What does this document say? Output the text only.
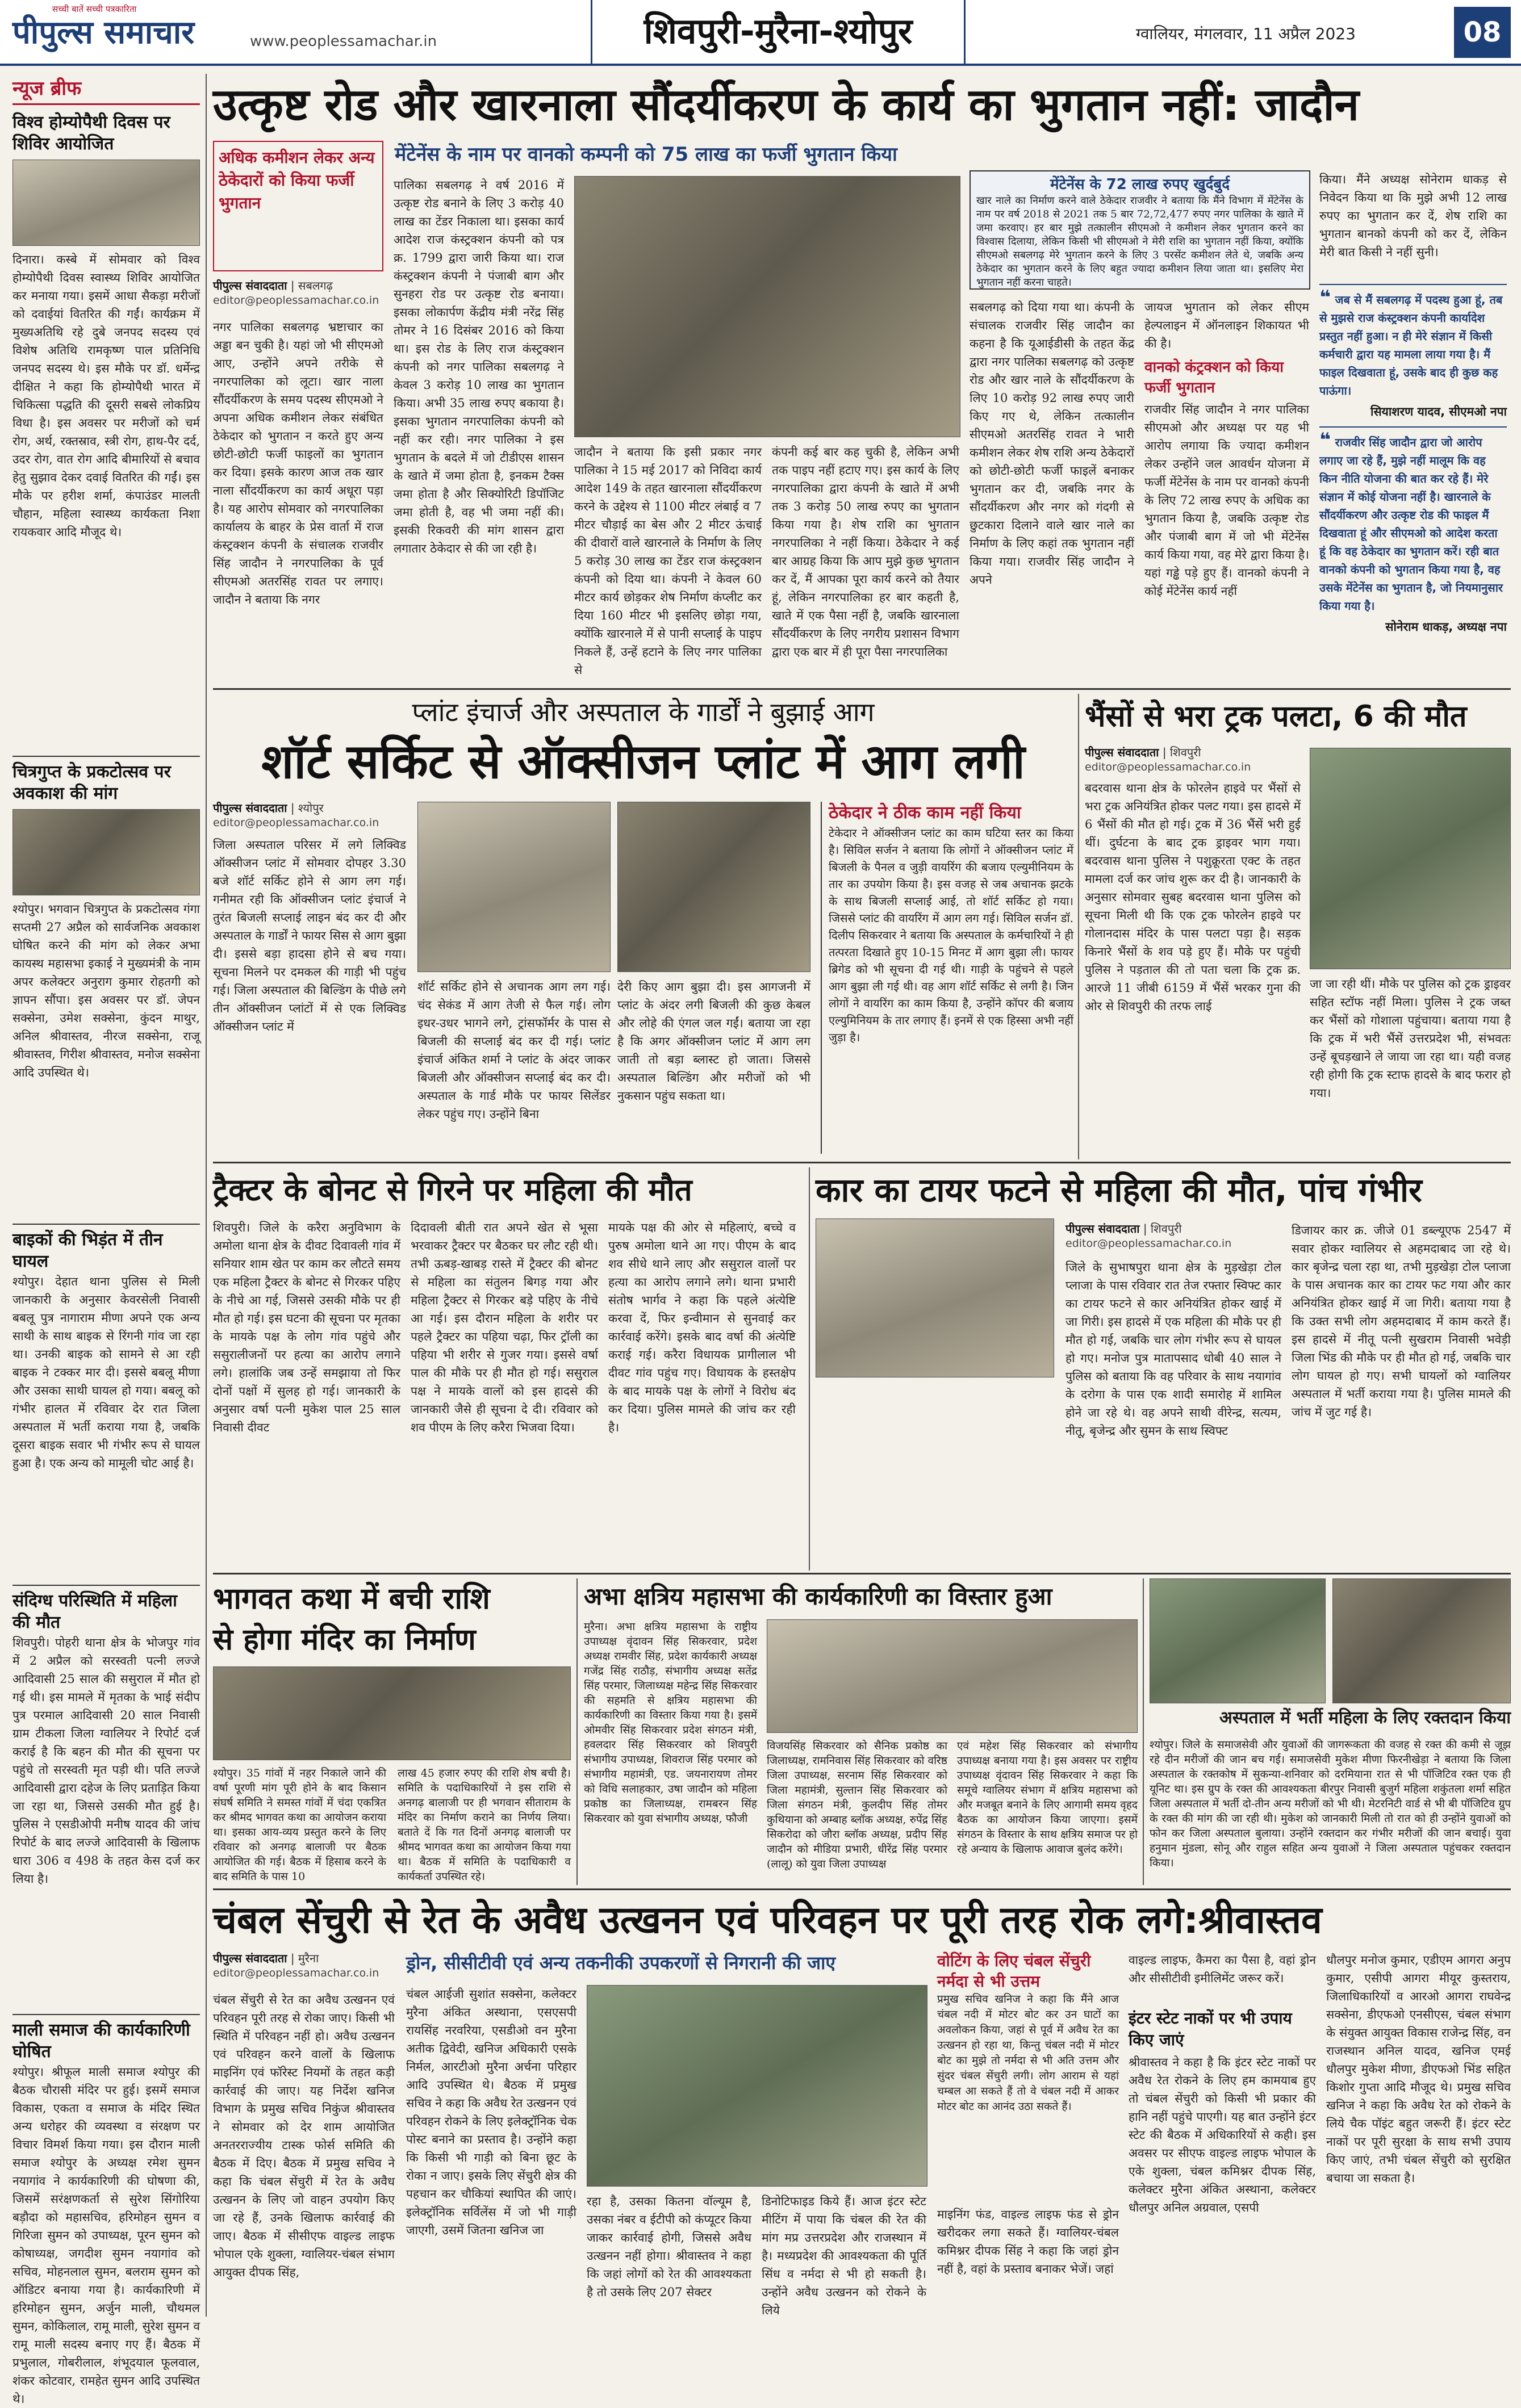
सच्ची बातें सच्ची पत्रकारिता
पीपुल्स समाचार	www.peoplessamachar.in	शिवपुरी-मुरैना-श्योपुर	ग्वालियर, मंगलवार, 11 अप्रैल 2023	08
न्यूज ब्रीफ
विश्व होम्योपैथी दिवस पर शिविर आयोजित
दिनारा। कस्बे में सोमवार को विश्व होम्योपैथी दिवस स्वास्थ्य शिविर आयोजित कर मनाया गया। इसमें आधा सैकड़ा मरीजों को दवाईयां वितरित की गईं। कार्यक्रम में मुख्यअतिथि रहे दुबे जनपद सदस्य एवं विशेष अतिथि रामकृष्ण पाल प्रतिनिधि जनपद सदस्य थे। इस मौके पर डॉ. धर्मेन्द्र दीक्षित ने कहा कि होम्योपैथी भारत में चिकित्सा पद्धति की दूसरी सबसे लोकप्रिय विधा है। इस अवसर पर मरीजों को चर्म रोग, अर्थ, रक्तस्राव, स्त्री रोग, हाथ-पैर दर्द, उदर रोग, वात रोग आदि बीमारियों से बचाव हेतु सुझाव देकर दवाई वितरित की गईं। इस मौके पर हरीश शर्मा, कंपाउंडर मालती चौहान, महिला स्वास्थ्य कार्यकता निशा रायकवार आदि मौजूद थे।
चित्रगुप्त के प्रकटोत्सव पर अवकाश की मांग
श्योपुर। भगवान चित्रगुप्त के प्रकटोत्सव गंगा सप्तमी 27 अप्रैल को सार्वजनिक अवकाश घोषित करने की मांग को लेकर अभा कायस्थ महासभा इकाई ने मुख्यमंत्री के नाम अपर कलेक्टर अनुराग कुमार रोहतगी को ज्ञापन सौंपा। इस अवसर पर डॉ. जेपन सक्सेना, उमेश सक्सेना, कुंदन माथुर, अनिल श्रीवास्तव, नीरज सक्सेना, राजू श्रीवास्तव, गिरीश श्रीवास्तव, मनोज सक्सेना आदि उपस्थित थे।
बाइकों की भिड़ंत में तीन घायल
श्योपुर। देहात थाना पुलिस से मिली जानकारी के अनुसार केवरसेली निवासी बबलू पुत्र नागाराम मीणा अपने एक अन्य साथी के साथ बाइक से रिंगनी गांव जा रहा था। उनकी बाइक को सामने से आ रही बाइक ने टक्कर मार दी। इससे बबलू मीणा और उसका साथी घायल हो गया। बबलू को गंभीर हालत में रविवार देर रात जिला अस्पताल में भर्ती कराया गया है, जबकि दूसरा बाइक सवार भी गंभीर रूप से घायल हुआ है। एक अन्य को मामूली चोट आई है।
संदिग्ध परिस्थिति में महिला की मौत
शिवपुरी। पोहरी थाना क्षेत्र के भोजपुर गांव में 2 अप्रैल को सरस्वती पत्नी लज्जे आदिवासी 25 साल की ससुराल में मौत हो गई थी। इस मामले में मृतका के भाई संदीप पुत्र परमाल आदिवासी 20 साल निवासी ग्राम टीकला जिला ग्वालियर ने रिपोर्ट दर्ज कराई है कि बहन की मौत की सूचना पर पहुंचे तो सरस्वती मृत पड़ी थी। पति लज्जे आदिवासी द्वारा दहेज के लिए प्रताड़ित किया जा रहा था, जिससे उसकी मौत हुई है। पुलिस ने एसडीओपी मनीष यादव की जांच रिपोर्ट के बाद लज्जे आदिवासी के खिलाफ धारा 306 व 498 के तहत केस दर्ज कर लिया है।
माली समाज की कार्यकारिणी घोषित
श्योपुर। श्रीफूल माली समाज श्योपुर की बैठक चौरासी मंदिर पर हुई। इसमें समाज विकास, एकता व समाज के मंदिर स्थित अन्य धरोहर की व्यवस्था व संरक्षण पर विचार विमर्श किया गया। इस दौरान माली समाज श्योपुर के अध्यक्ष रमेश सुमन नयागांव ने कार्यकारिणी की घोषणा की, जिसमें सरंक्षणकर्ता से सुरेश सिंगोरिया बड़ौदा को महासचिव, हरिमोहन सुमन व गिरिजा सुमन को उपाध्यक्ष, पूरन सुमन को कोषाध्यक्ष, जगदीश सुमन नयागांव को सचिव, मोहनलाल सुमन, बलराम सुमन को ऑडिटर बनाया गया है। कार्यकारिणी में हरिमोहन सुमन, अर्जुन माली, चौथमल सुमन, कोकिलाल, रामू माली, सुरेश सुमन व रामू माली सदस्य बनाए गए हैं। बैठक में प्रभुलाल, गोबरीलाल, शंभूदयाल फूलवाल, शंकर कोटवार, रामहेत सुमन आदि उपस्थित थे।
उत्कृष्ट रोड और खारनाला सौंदर्यीकरण के कार्य का भुगतान नहीं: जादौन
अधिक कमीशन लेकर अन्य ठेकेदारों को किया फर्जी भुगतान
मेंटेनेंस के नाम पर वानको कम्पनी को 75 लाख का फर्जी भुगतान किया
पीपुल्स संवाददाता | सबलगढ़
editor@peoplessamachar.co.in
नगर पालिका सबलगढ़ भ्रष्टाचार का अड्डा बन चुकी है। यहां जो भी सीएमओ आए, उन्होंने अपने तरीके से नगरपालिका को लूटा। खार नाला सौंदर्यीकरण के समय पदस्थ सीएमओ ने अपना अधिक कमीशन लेकर संबंधित ठेकेदार को भुगतान न करते हुए अन्य छोटी-छोटी फर्जी फाइलों का भुगतान कर दिया। इसके कारण आज तक खार नाला सौंदर्यीकरण का कार्य अधूरा पड़ा है। यह आरोप सोमवार को नगरपालिका कार्यालय के बाहर के प्रेस वार्ता में राज कंस्ट्रक्शन कंपनी के संचालक राजवीर सिंह जादौन ने नगरपालिका के पूर्व सीएमओ अतरसिंह रावत पर लगाए। जादौन ने बताया कि नगर
पालिका सबलगढ़ ने वर्ष 2016 में उत्कृष्ट रोड बनाने के लिए 3 करोड़ 40 लाख का टेंडर निकाला था। इसका कार्य आदेश राज कंस्ट्रक्शन कंपनी को पत्र क्र. 1799 द्वारा जारी किया था। राज कंस्ट्रक्शन कंपनी ने पंजाबी बाग और सुनहरा रोड पर उत्कृष्ट रोड बनाया। इसका लोकार्पण केंद्रीय मंत्री नरेंद्र सिंह तोमर ने 16 दिसंबर 2016 को किया था। इस रोड के लिए राज कंस्ट्रक्शन कंपनी को नगर पालिका सबलगढ़ ने केवल 3 करोड़ 10 लाख का भुगतान किया। अभी 35 लाख रुपए बकाया है। इसका भुगतान नगरपालिका कंपनी को नहीं कर रही। नगर पालिका ने इस भुगतान के बदले में जो टीडीएस शासन के खाते में जमा होता है, इनकम टैक्स जमा होता है और सिक्योरिटी डिपॉजिट जमा होती है, वह भी जमा नहीं की। इसकी रिकवरी की मांग शासन द्वारा लगातार ठेकेदार से की जा रही है।
जादौन ने बताया कि इसी प्रकार नगर पालिका ने 15 मई 2017 को निविदा कार्य आदेश 149 के तहत खारनाला सौंदर्यीकरण करने के उद्देश्य से 1100 मीटर लंबाई व 7 मीटर चौड़ाई का बेस और 2 मीटर ऊंचाई की दीवारों वाले खारनाले के निर्माण के लिए 5 करोड़ 30 लाख का टेंडर राज कंस्ट्रक्शन कंपनी को दिया था। कंपनी ने केवल 60 मीटर कार्य छोड़कर शेष निर्माण कंप्लीट कर दिया 160 मीटर भी इसलिए छोड़ा गया, क्योंकि खारनाले में से पानी सप्लाई के पाइप निकले हैं, उन्हें हटाने के लिए नगर पालिका से
कंपनी कई बार कह चुकी है, लेकिन अभी तक पाइप नहीं हटाए गए। इस कार्य के लिए नगरपालिका द्वारा कंपनी के खाते में अभी तक 3 करोड़ 50 लाख रुपए का भुगतान किया गया है। शेष राशि का भुगतान नगरपालिका ने नहीं किया। ठेकेदार ने कई बार आग्रह किया कि आप मुझे कुछ भुगतान कर दें, मैं आपका पूरा कार्य करने को तैयार हूं, लेकिन नगरपालिका हर बार कहती है, खाते में एक पैसा नहीं है, जबकि खारनाला सौंदर्यीकरण के लिए नगरीय प्रशासन विभाग द्वारा एक बार में ही पूरा पैसा नगरपालिका
मेंटेनेंस के 72 लाख रुपए खुर्दबुर्द
खार नाले का निर्माण करने वाले ठेकेदार राजवीर ने बताया कि मैंने विभाग में मेंटेनेंस के नाम पर वर्ष 2018 से 2021 तक 5 बार 72,72,477 रुपए नगर पालिका के खाते में जमा करवाए। हर बार मुझे तत्कालीन सीएमओ ने कमीशन लेकर भुगतान करने का विश्वास दिलाया, लेकिन किसी भी सीएमओ ने मेरी राशि का भुगतान नहीं किया, क्योंकि सीएमओ सबलगढ़ मेरे भुगतान करने के लिए 3 परसेंट कमीशन लेते थे, जबकि अन्य ठेकेदार का भुगतान करने के लिए बहुत ज्यादा कमीशन लिया जाता था। इसलिए मेरा भुगतान नहीं करना चाहते।
सबलगढ़ को दिया गया था। कंपनी के संचालक राजवीर सिंह जादौन का कहना है कि यूआईडीसी के तहत केंद्र द्वारा नगर पालिका सबलगढ़ को उत्कृष्ट रोड और खार नाले के सौंदर्यीकरण के लिए 10 करोड़ 92 लाख रुपए जारी किए गए थे, लेकिन तत्कालीन सीएमओ अतरसिंह रावत ने भारी कमीशन लेकर शेष राशि अन्य ठेकेदारों को छोटी-छोटी फर्जी फाइलें बनाकर भुगतान कर दी, जबकि नगर के सौंदर्यीकरण और नगर को गंदगी से छुटकारा दिलाने वाले खार नाले का निर्माण के लिए कहां तक भुगतान नहीं किया गया। राजवीर सिंह जादौन ने अपने
जायज भुगतान को लेकर सीएम हेल्पलाइन में ऑनलाइन शिकायत भी की है।
वानको कंट्रक्शन को किया फर्जी भुगतान
राजवीर सिंह जादौन ने नगर पालिका सीएमओ और अध्यक्ष पर यह भी आरोप लगाया कि ज्यादा कमीशन लेकर उन्होंने जल आवर्धन योजना में फर्जी मेंटेनेंस के नाम पर वानको कंपनी के लिए 72 लाख रुपए के अधिक का भुगतान किया है, जबकि उत्कृष्ट रोड और पंजाबी बाग में जो भी मेंटेनेंस कार्य किया गया, वह मेरे द्वारा किया है। यहां गड्ढे पड़े हुए हैं। वानको कंपनी ने कोई मेंटेनेंस कार्य नहीं
किया। मैंने अध्यक्ष सोनेराम धाकड़ से निवेदन किया था कि मुझे अभी 12 लाख रुपए का भुगतान कर दें, शेष राशि का भुगतान बानको कंपनी को कर दें, लेकिन मेरी बात किसी ने नहीं सुनी।
❝ जब से मैं सबलगढ़ में पदस्थ हुआ हूं, तब से मुझसे राज कंस्ट्रक्शन कंपनी कार्यादेश प्रस्तुत नहीं हुआ। न ही मेरे संज्ञान में किसी कर्मचारी द्वारा यह मामला लाया गया है। मैं फाइल दिखवाता हूं, उसके बाद ही कुछ कह पाऊंगा।
सियाशरण यादव, सीएमओ नपा
❝ राजवीर सिंह जादौन द्वारा जो आरोप लगाए जा रहे हैं, मुझे नहीं मालूम कि वह किन नीति योजना की बात कर रहे हैं। मेरे संज्ञान में कोई योजना नहीं है। खारनाले के सौंदर्यीकरण और उत्कृष्ट रोड की फाइल मैं दिखवाता हूं और सीएमओ को आदेश करता हूं कि वह ठेकेदार का भुगतान करें। रही बात वानको कंपनी को भुगतान किया गया है, वह उसके मेंटेनेंस का भुगतान है, जो नियमानुसार किया गया है।
सोनेराम धाकड़, अध्यक्ष नपा
प्लांट इंचार्ज और अस्पताल के गार्डों ने बुझाई आग
शॉर्ट सर्किट से ऑक्सीजन प्लांट में आग लगी
पीपुल्स संवाददाता | श्योपुर
editor@peoplessamachar.co.in
जिला अस्पताल परिसर में लगे लिक्विड ऑक्सीजन प्लांट में सोमवार दोपहर 3.30 बजे शॉर्ट सर्किट होने से आग लग गई। गनीमत रही कि ऑक्सीजन प्लांट इंचार्ज ने तुरंत बिजली सप्लाई लाइन बंद कर दी और अस्पताल के गार्डों ने फायर सिस से आग बुझा दी। इससे बड़ा हादसा होने से बच गया। सूचना मिलने पर दमकल की गाड़ी भी पहुंच गई। जिला अस्पताल की बिल्डिंग के पीछे लगे तीन ऑक्सीजन प्लांटों में से एक लिक्विड ऑक्सीजन प्लांट में
शॉर्ट सर्किट होने से अचानक आग लग गई। चंद सेकंड में आग तेजी से फैल गई। लोग इधर-उधर भागने लगे, ट्रांसफॉर्मर के पास से बिजली की सप्लाई बंद कर दी गई। प्लांट इंचार्ज अंकित शर्मा ने प्लांट के अंदर जाकर बिजली और ऑक्सीजन सप्लाई बंद कर दी। अस्पताल के गार्ड मौके पर फायर सिलेंडर लेकर पहुंच गए। उन्होंने बिना
देरी किए आग बुझा दी। इस आगजनी में प्लांट के अंदर लगी बिजली की कुछ केबल और लोहे की एंगल जल गईं। बताया जा रहा है कि अगर ऑक्सीजन प्लांट में आग लग जाती तो बड़ा ब्लास्ट हो जाता। जिससे अस्पताल बिल्डिंग और मरीजों को भी नुकसान पहुंच सकता था।
ठेकेदार ने ठीक काम नहीं किया
टेकेदार ने ऑक्सीजन प्लांट का काम घटिया स्तर का किया है। सिविल सर्जन ने बताया कि लोगों ने ऑक्सीजन प्लांट में बिजली के पैनल व जुड़ी वायरिंग की बजाय एल्युमीनियम के तार का उपयोग किया है। इस वजह से जब अचानक झटके के साथ बिजली सप्लाई आई, तो शॉर्ट सर्किट हो गया। जिससे प्लांट की वायरिंग में आग लग गई। सिविल सर्जन डॉ. दिलीप सिकरवार ने बताया कि अस्पताल के कर्मचारियों ने ही तत्परता दिखाते हुए 10-15 मिनट में आग बुझा ली। फायर ब्रिगेड को भी सूचना दी गई थी। गाड़ी के पहुंचने से पहले आग बुझा ली गई थी। वह आग शॉर्ट सर्किट से लगी है। जिन लोगों ने वायरिंग का काम किया है, उन्होंने कॉपर की बजाय एल्युमिनियम के तार लगाए हैं। इनमें से एक हिस्सा अभी नहीं जुड़ा है।
भैंसों से भरा ट्रक पलटा, 6 की मौत
पीपुल्स संवाददाता | शिवपुरी
editor@peoplessamachar.co.in
बदरवास थाना क्षेत्र के फोरलेन हाइवे पर भैंसों से भरा ट्रक अनियंत्रित होकर पलट गया। इस हादसे में 6 भैंसों की मौत हो गई। ट्रक में 36 भैंसें भरी हुई थीं। दुर्घटना के बाद ट्रक ड्राइवर भाग गया। बदरवास थाना पुलिस ने पशुक्रूरता एक्ट के तहत मामला दर्ज कर जांच शुरू कर दी है। जानकारी के अनुसार सोमवार सुबह बदरवास थाना पुलिस को सूचना मिली थी कि एक ट्रक फोरलेन हाइवे पर गोलानदास मंदिर के पास पलटा पड़ा है। सड़क किनारे भैंसों के शव पड़े हुए हैं। मौके पर पहुंची पुलिस ने पड़ताल की तो पता चला कि ट्रक क्र. आरजे 11 जीबी 6159 में भैंसें भरकर गुना की ओर से शिवपुरी की तरफ लाई
जा जा रही थीं। मौके पर पुलिस को ट्रक ड्राइवर सहित स्टॉफ नहीं मिला। पुलिस ने ट्रक जब्त कर भैंसों को गोशाला पहुंचाया। बताया गया है कि ट्रक में भरी भैंसें उत्तरप्रदेश भी, संभवतः उन्हें बूचड़खाने ले जाया जा रहा था। यही वजह रही होगी कि ट्रक स्टाफ हादसे के बाद फरार हो गया।
ट्रैक्टर के बोनट से गिरने पर महिला की मौत
शिवपुरी। जिले के करैरा अनुविभाग के अमोला थाना क्षेत्र के दीवट दिवावली गांव में सनियार शाम खेत पर काम कर लौटते समय एक महिला ट्रैक्टर के बोनट से गिरकर पहिए के नीचे आ गई, जिससे उसकी मौके पर ही मौत हो गई। इस घटना की सूचना पर मृतका के मायके पक्ष के लोग गांव पहुंचे और ससुरालीजनों पर हत्या का आरोप लगाने लगे। हालांकि जब उन्हें समझाया तो फिर दोनों पक्षों में सुलह हो गई। जानकारी के अनुसार वर्षा पत्नी मुकेश पाल 25 साल निवासी दीवट
दिदावली बीती रात अपने खेत से भूसा भरवाकर ट्रैक्टर पर बैठकर घर लौट रही थी। तभी ऊबड़-खाबड़ रास्ते में ट्रैक्टर की बोनट से महिला का संतुलन बिगड़ गया और महिला ट्रैक्टर से गिरकर बड़े पहिए के नीचे आ गई। इस दौरान महिला के शरीर पर पहले ट्रैक्टर का पहिया चढ़ा, फिर ट्रॉली का पहिया भी शरीर से गुजर गया। इससे वर्षा पाल की मौके पर ही मौत हो गई। ससुराल पक्ष ने मायके वालों को इस हादसे की जानकारी जैसे ही सूचना दे दी। रविवार को शव पीएम के लिए करैरा भिजवा दिया।
मायके पक्ष की ओर से महिलाएं, बच्चे व पुरुष अमोला थाने आ गए। पीएम के बाद शव सीधे थाने लाए और ससुराल वालों पर हत्या का आरोप लगाने लगे। थाना प्रभारी संतोष भार्गव ने कहा कि पहले अंत्येष्टि करवा दें, फिर इन्वीमान से सुनवाई कर कार्रवाई करेंगे। इसके बाद वर्षा की अंत्येष्टि कराई गई। करैरा विधायक प्रागीलाल भी दीवट गांव पहुंच गए। विधायक के हस्तक्षेप के बाद मायके पक्ष के लोगों ने विरोध बंद कर दिया। पुलिस मामले की जांच कर रही है।
कार का टायर फटने से महिला की मौत, पांच गंभीर
पीपुल्स संवाददाता | शिवपुरी
editor@peoplessamachar.co.in
जिले के सुभाषपुरा थाना क्षेत्र के मुड़खेड़ा टोल प्लाजा के पास रविवार रात तेज रफ्तार स्विफ्ट कार का टायर फटने से कार अनियंत्रित होकर खाई में जा गिरी। इस हादसे में एक महिला की मौके पर ही मौत हो गई, जबकि चार लोग गंभीर रूप से घायल हो गए। मनोज पुत्र मातापसाद धोबी 40 साल ने पुलिस को बताया कि वह परिवार के साथ नयागांव के दरोगा के पास एक शादी समारोह में शामिल होने जा रहे थे। वह अपने साथी वीरेन्द्र, सत्यम, नीतू, बृजेन्द्र और सुमन के साथ स्विफ्ट
डिजायर कार क्र. जीजे 01 डब्ल्यूएफ 2547 में सवार होकर ग्वालियर से अहमदाबाद जा रहे थे। कार बृजेन्द्र चला रहा था, तभी मुड़खेड़ा टोल प्लाजा के पास अचानक कार का टायर फट गया और कार अनियंत्रित होकर खाई में जा गिरी। बताया गया है कि उक्त सभी लोग अहमदाबाद में काम करते हैं। इस हादसे में नीतू पत्नी सुखराम निवासी भवेड़ी जिला भिंड की मौके पर ही मौत हो गई, जबकि चार लोग घायल हो गए। सभी घायलों को ग्वालियर अस्पताल में भर्ती कराया गया है। पुलिस मामले की जांच में जुट गई है।
भागवत कथा में बची राशि
से होगा मंदिर का निर्माण
श्योपुर। 35 गांवों में नहर निकाले जाने की वर्षा पूरणी मांग पूरी होने के बाद किसान संघर्ष समिति ने समस्त गांवों में चंदा एकत्रित कर श्रीमद भागवत कथा का आयोजन कराया था। इसका आय-व्यय प्रस्तुत करने के लिए रविवार को अनगढ़ बालाजी पर बैठक आयोजित की गई। बैठक में हिसाब करने के बाद समिति के पास 10
लाख 45 हजार रुपए की राशि शेष बची है। समिति के पदाधिकारियों ने इस राशि से अनगढ़ बालाजी पर ही भगवान सीताराम के मंदिर का निर्माण कराने का निर्णय लिया। बताते दें कि गत दिनों अनगढ़ बालाजी पर श्रीमद भागवत कथा का आयोजन किया गया था। बैठक में समिति के पदाधिकारी व कार्यकर्ता उपस्थित रहे।
अभा क्षत्रिय महासभा की कार्यकारिणी का विस्तार हुआ
मुरैना। अभा क्षत्रिय महासभा के राष्ट्रीय उपाध्यक्ष वृंदावन सिंह सिकरवार, प्रदेश अध्यक्ष रामवीर सिंह, प्रदेश कार्यकारी अध्यक्ष गजेंद्र सिंह राठौड़, संभागीय अध्यक्ष सतेंद्र सिंह परमार, जिलाध्यक्ष महेन्द्र सिंह सिकरवार की सहमति से क्षत्रिय महासभा की कार्यकारिणी का विस्तार किया गया है। इसमें ओमवीर सिंह सिकरवार प्रदेश संगठन मंत्री, हवलदार सिंह सिकरवार को शिवपुरी संभागीय उपाध्यक्ष, शिवराज सिंह परमार को संभागीय महामंत्री, एड. जयनारायण तोमर को विधि सलाहकार, उषा जादौन को महिला प्रकोष्ठ का जिलाध्यक्ष, रामबरन सिंह सिकरवार को युवा संभागीय अध्यक्ष, फौजी
विजयसिंह सिकरवार को सैनिक प्रकोष्ठ का जिलाध्यक्ष, रामनिवास सिंह सिकरवार को वरिष्ठ जिला उपाध्यक्ष, सरनाम सिंह सिकरवार को जिला महामंत्री, सुल्तान सिंह सिकरवार को जिला संगठन मंत्री, कुलदीप सिंह तोमर कुथियाना को अम्बाह ब्लॉक अध्यक्ष, रुपेंद्र सिंह सिकरोदा को जौरा ब्लॉक अध्यक्ष, प्रदीप सिंह जादौन को मीडिया प्रभारी, धीरेंद्र सिंह परमार (लालू) को युवा जिला उपाध्यक्ष
एवं महेश सिंह सिकरवार को संभागीय उपाध्यक्ष बनाया गया है। इस अवसर पर राष्ट्रीय उपाध्यक्ष वृंदावन सिंह सिकरवार ने कहा कि समूचे ग्वालियर संभाग में क्षत्रिय महासभा को और मजबूत बनाने के लिए आगामी समय वृहद बैठक का आयोजन किया जाएगा। इसमें संगठन के विस्तार के साथ क्षत्रिय समाज पर हो रहे अन्याय के खिलाफ आवाज बुलंद करेंगे।
अस्पताल में भर्ती महिला के लिए रक्तदान किया
श्योपुर। जिले के समाजसेवी और युवाओं की जागरूकता की वजह से रक्त की कमी से जूझ रहे दीन मरीजों की जान बच गई। समाजसेवी मुकेश मीणा फिरनीखेड़ा ने बताया कि जिला अस्पताल के रक्तकोष में सुकन्या-शनिवार को दरमियाना रात से भी पॉजिटिव रक्त एक ही यूनिट था। इस ग्रुप के रक्त की आवश्यकता बीरपुर निवासी बुजुर्ग महिला शकुंतला शर्मा सहित जिला अस्पताल में भर्ती दो-तीन अन्य मरीजों को भी थी। मेटरनिटी वार्ड से भी बी पॉजिटिव ग्रुप के रक्त की मांग की जा रही थी। मुकेश को जानकारी मिली तो रात को ही उन्होंने युवाओं को फोन कर जिला अस्पताल बुलाया। उन्होंने रक्तदान कर गंभीर मरीजों की जान बचाई। युवा हनुमान मुंडला, सोनू और राहुल सहित अन्य युवाओं ने जिला अस्पताल पहुंचकर रक्तदान किया।
चंबल सेंचुरी से रेत के अवैध उत्खनन एवं परिवहन पर पूरी तरह रोक लगे:श्रीवास्तव
पीपुल्स संवाददाता | मुरैना
editor@peoplessamachar.co.in
चंबल सेंचुरी से रेत का अवैध उत्खनन एवं परिवहन पूरी तरह से रोका जाए। किसी भी स्थिति में परिवहन नहीं हो। अवैध उत्खनन एवं परिवहन करने वालों के खिलाफ माइनिंग एवं फॉरेस्ट नियमों के तहत कड़ी कार्रवाई की जाए। यह निर्देश खनिज विभाग के प्रमुख सचिव निकुंज श्रीवास्तव ने सोमवार को देर शाम आयोजित अनतरराज्यीय टास्क फोर्स समिति की बैठक में दिए। बैठक में प्रमुख सचिव ने कहा कि चंबल सेंचुरी में रेत के अवैध उत्खनन के लिए जो वाहन उपयोग किए जा रहे हैं, उनके खिलाफ कार्रवाई की जाए। बैठक में सीसीएफ वाइल्ड लाइफ भोपाल एके शुक्ला, ग्वालियर-चंबल संभाग आयुक्त दीपक सिंह,
ड्रोन, सीसीटीवी एवं अन्य तकनीकी उपकरणों से निगरानी की जाए
चंबल आईजी सुशांत सक्सेना, कलेक्टर मुरैना अंकित अस्थाना, एसएसपी रायसिंह नरवरिया, एसडीओ वन मुरैना अतीक द्विवेदी, खनिज अधिकारी एसके निर्मल, आरटीओ मुरैना अर्चना परिहार आदि उपस्थित थे। बैठक में प्रमुख सचिव ने कहा कि अवैध रेत उत्खनन एवं परिवहन रोकने के लिए इलेक्ट्रॉनिक चेक पोस्ट बनाने का प्रस्ताव है। उन्होंने कहा कि किसी भी गाड़ी को बिना छूट के रोका न जाए। इसके लिए सेंचुरी क्षेत्र की पहचान कर चौकियां स्थापित की जाएं। इलेक्ट्रॉनिक सर्विलेंस में जो भी गाड़ी जाएगी, उसमें जितना खनिज जा
रहा है, उसका कितना वॉल्यूम है, उसका नंबर व ईटीपी को कंप्यूटर किया जाकर कार्रवाई होगी, जिससे अवैध उत्खनन नहीं होगा। श्रीवास्तव ने कहा कि जहां लोगों को रेत की आवश्यकता है तो उसके लिए 207 सेक्टर
डिनोटिफाइड किये हैं। आज इंटर स्टेट मीटिंग में पाया कि चंबल की रेत की मांग मप्र उत्तरप्रदेश और राजस्थान में है। मध्यप्रदेश की आवश्यकता की पूर्ति सिंध व नर्मदा से भी हो सकती है। उन्होंने अवैध उत्खनन को रोकने के लिये
वोटिंग के लिए चंबल सेंचुरी नर्मदा से भी उत्तम
प्रमुख सचिव खनिज ने कहा कि मैंने आज चंबल नदी में मोटर बोट कर उन घाटों का अवलोकन किया, जहां से पूर्व में अवैध रेत का उत्खनन हो रहा था, किन्तु चंबल नदी में मोटर बोट का मुझे तो नर्मदा से भी अति उत्तम और सुंदर चंबल सेंचुरी लगी। लोग आराम से यहां चम्बल आ सकते हैं तो वे चंबल नदी में आकर मोटर बोट का आनंद उठा सकते हैं।
माइनिंग फंड, वाइल्ड लाइफ फंड से ड्रोन खरीदकर लगा सकते हैं। ग्वालियर-चंबल कमिश्नर दीपक सिंह ने कहा कि जहां ड्रोन नहीं है, वहां के प्रस्ताव बनाकर भेजें। जहां
वाइल्ड लाइफ, कैमरा का पैसा है, वहां ड्रोन और सीसीटीवी इमीलिमेंट जरूर करें।
इंटर स्टेट नाकों पर भी उपाय किए जाएं
श्रीवास्तव ने कहा है कि इंटर स्टेट नाकों पर अवैध रेत रोकने के लिए हम कामयाब हुए तो चंबल सेंचुरी को किसी भी प्रकार की हानि नहीं पहुंचे पाएगी। यह बात उन्होंने इंटर स्टेट की बैठक में अधिकारियों से कही। इस अवसर पर सीएफ वाइल्ड लाइफ भोपाल के एके शुक्ला, चंबल कमिश्नर दीपक सिंह, कलेक्टर मुरैना अंकित अस्थाना, कलेक्टर धौलपुर अनिल अग्रवाल, एसपी
धौलपुर मनोज कुमार, एडीएम आगरा अनुप कुमार, एसीपी आगरा मीयूर कुस्तराय, जिलाधिकारियों व आरओ आगरा राघवेन्द्र सक्सेना, डीएफओ एनसीएस, चंबल संभाग के संयुक्त आयुक्त विकास राजेन्द्र सिंह, वन राजस्थान अनिल यादव, खनिज एमई धौलपुर मुकेश मीणा, डीएफओ भिंड सहित किशोर गुप्ता आदि मौजूद थे। प्रमुख सचिव खनिज ने कहा कि अवैध रेत को रोकने के लिये चैक पॉइंट बहुत जरूरी हैं। इंटर स्टेट नाकों पर पूरी सुरक्षा के साथ सभी उपाय किए जाएं, तभी चंबल सेंचुरी को सुरक्षित बचाया जा सकता है।
